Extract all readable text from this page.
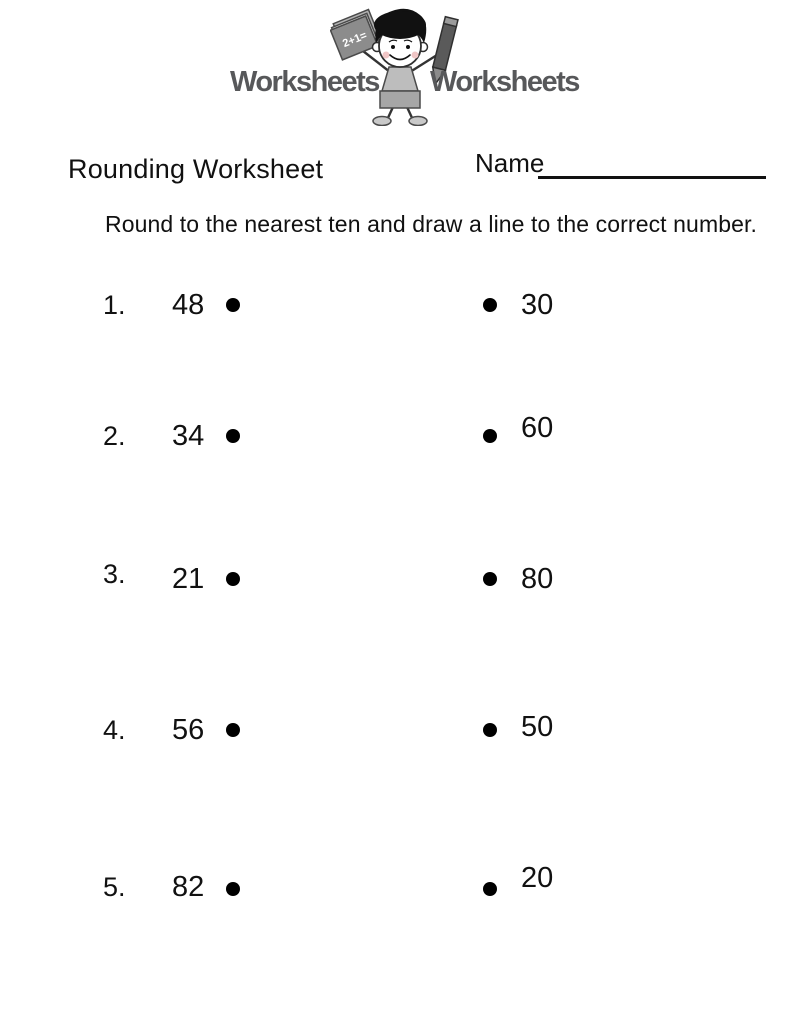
Worksheets
2+1=
Worksheets
Rounding Worksheet	Name
Round to the nearest ten and draw a line to the correct number.
1. 48	30
2. 34	60
3. 21	80
4. 56	50
5. 82	20
